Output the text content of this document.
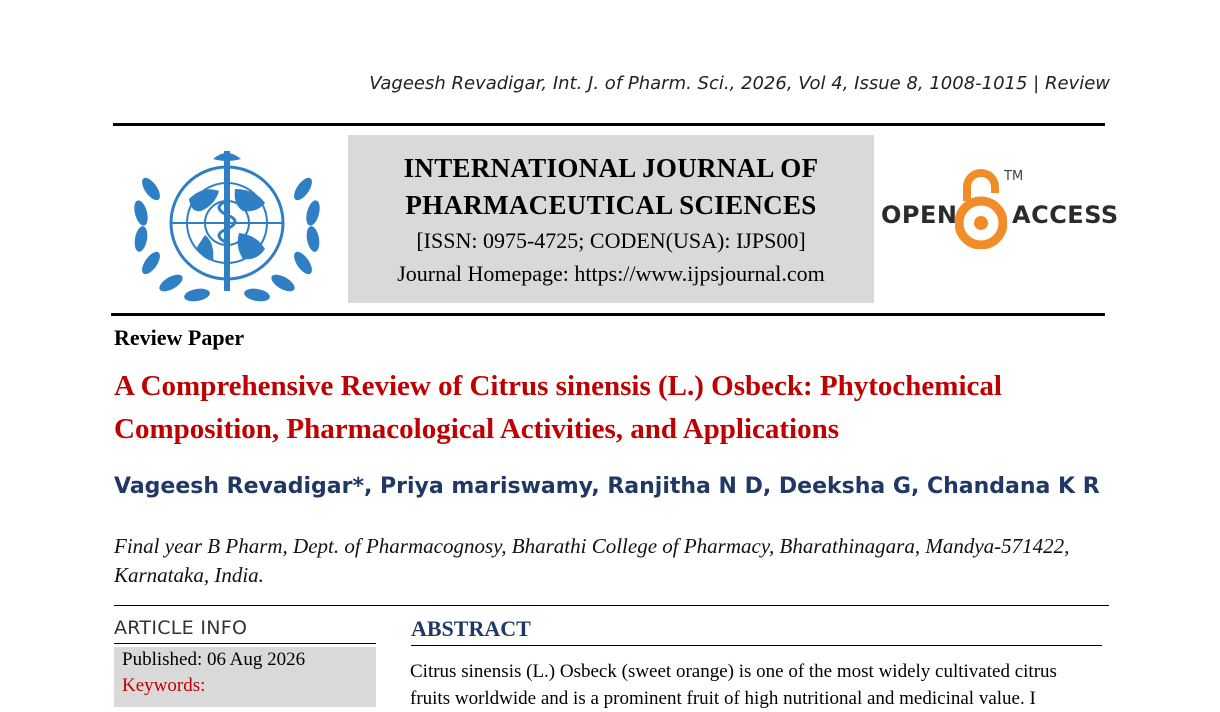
Vageesh Revadigar, Int. J. of Pharm. Sci., 2026, Vol 4, Issue 8, 1008-1015 | Review
INTERNATIONAL JOURNAL OF
PHARMACEUTICAL SCIENCES
[ISSN: 0975-4725; CODEN(USA): IJPS00]
Journal Homepage: https://www.ijpsjournal.com
OPEN
TM
ACCESS
Review Paper
A Comprehensive Review of Citrus sinensis (L.) Osbeck: Phytochemical Composition, Pharmacological Activities, and Applications
Vageesh Revadigar*, Priya mariswamy, Ranjitha N D, Deeksha G, Chandana K R
Final year B Pharm, Dept. of Pharmacognosy, Bharathi College of Pharmacy, Bharathinagara, Mandya-571422, Karnataka, India.
ARTICLE INFO
Published: 06 Aug 2026
Keywords:
ABSTRACT
Citrus sinensis (L.) Osbeck (sweet orange) is one of the most widely cultivated citrus
fruits worldwide and is a prominent fruit of high nutritional and medicinal value. I
